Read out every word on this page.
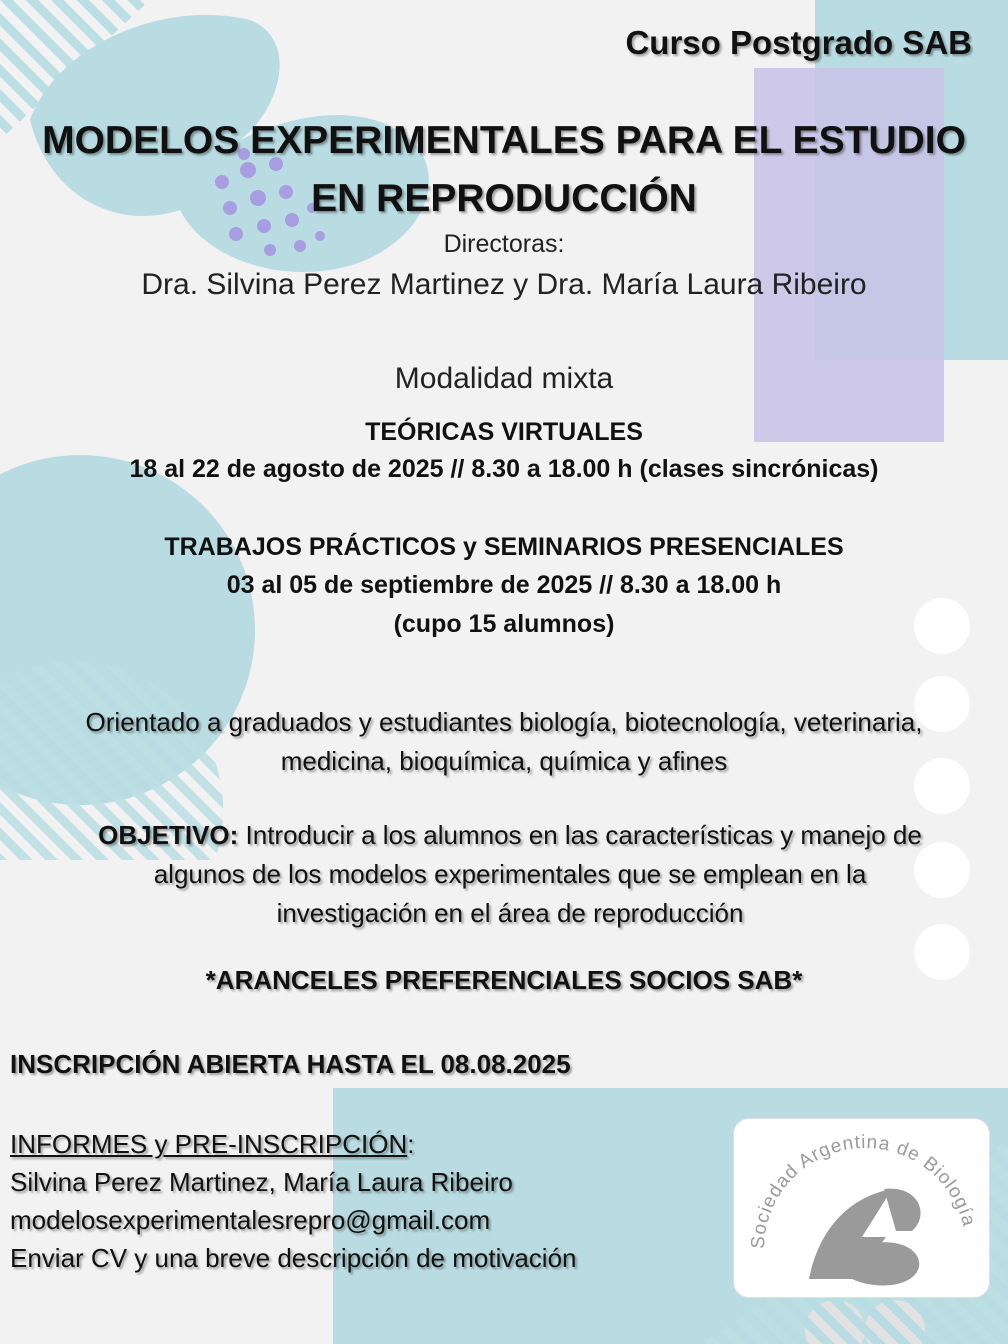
Curso Postgrado SAB
MODELOS EXPERIMENTALES PARA EL ESTUDIO
EN REPRODUCCIÓN
Directoras:
Dra. Silvina Perez Martinez y Dra. María Laura Ribeiro
Modalidad mixta
TEÓRICAS VIRTUALES
18 al 22 de agosto de 2025 // 8.30 a 18.00 h (clases sincrónicas)
TRABAJOS PRÁCTICOS y SEMINARIOS PRESENCIALES
03 al 05 de septiembre de 2025 // 8.30 a 18.00 h
(cupo 15 alumnos)
Orientado a graduados y estudiantes biología, biotecnología, veterinaria,
medicina, bioquímica, química y afines
OBJETIVO: Introducir a los alumnos en las características y manejo de
algunos de los modelos experimentales que se emplean en la
investigación en el área de reproducción
*ARANCELES PREFERENCIALES SOCIOS SAB*
INSCRIPCIÓN ABIERTA HASTA EL 08.08.2025
INFORMES y PRE-INSCRIPCIÓN:
Silvina Perez Martinez, María Laura Ribeiro
modelosexperimentalesrepro@gmail.com
Enviar CV y una breve descripción de motivación
Sociedad Argentina de Biología
